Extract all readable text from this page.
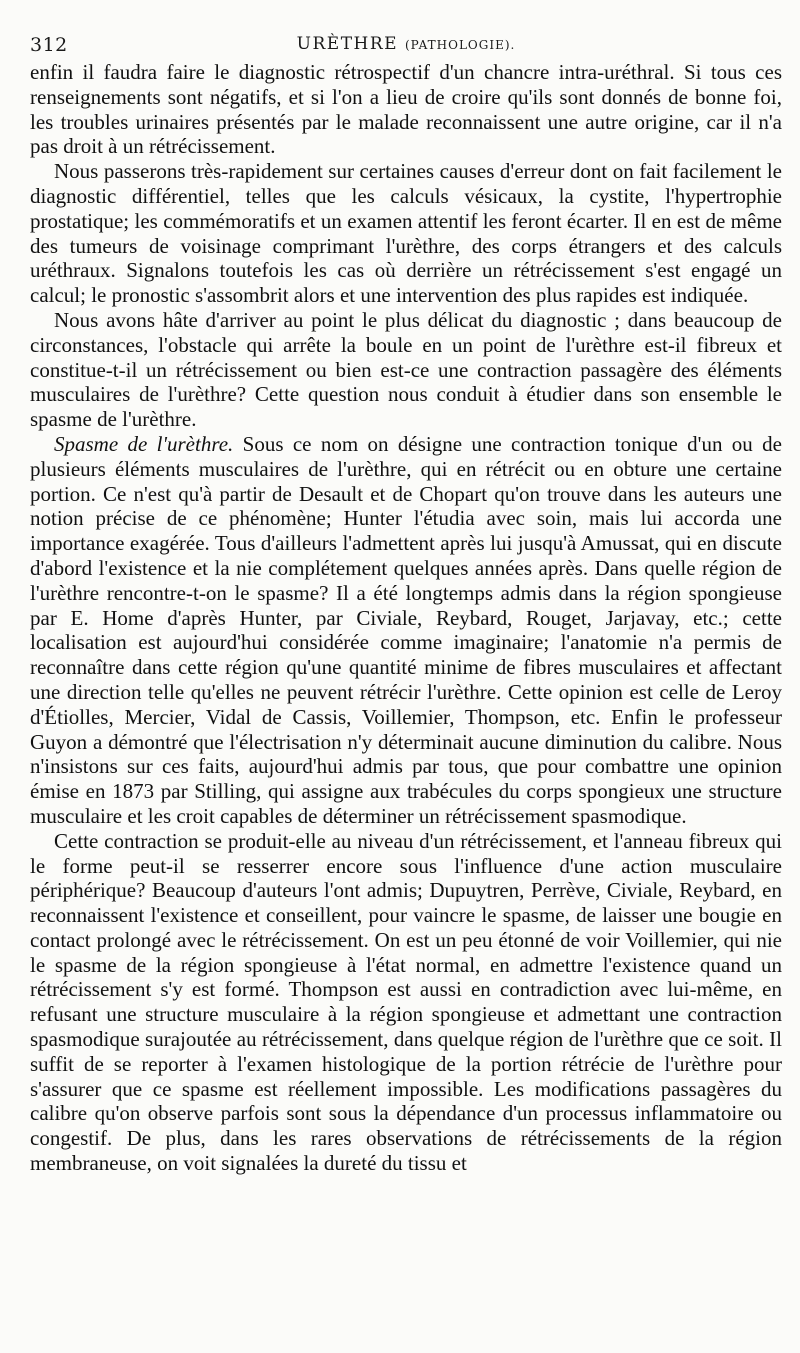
312	URÈTHRE (PATHOLOGIE).

enfin il faudra faire le diagnostic rétrospectif d'un chancre intra-uréthral. Si tous ces renseignements sont négatifs, et si l'on a lieu de croire qu'ils sont donnés de bonne foi, les troubles urinaires présentés par le malade reconnaissent une autre origine, car il n'a pas droit à un rétrécissement.

Nous passerons très-rapidement sur certaines causes d'erreur dont on fait facilement le diagnostic différentiel, telles que les calculs vésicaux, la cystite, l'hypertrophie prostatique; les commémoratifs et un examen attentif les feront écarter. Il en est de même des tumeurs de voisinage comprimant l'urèthre, des corps étrangers et des calculs uréthraux. Signalons toutefois les cas où derrière un rétrécissement s'est engagé un calcul; le pronostic s'assombrit alors et une intervention des plus rapides est indiquée.

Nous avons hâte d'arriver au point le plus délicat du diagnostic ; dans beaucoup de circonstances, l'obstacle qui arrête la boule en un point de l'urèthre est-il fibreux et constitue-t-il un rétrécissement ou bien est-ce une contraction passagère des éléments musculaires de l'urèthre? Cette question nous conduit à étudier dans son ensemble le spasme de l'urèthre.

Spasme de l'urèthre. Sous ce nom on désigne une contraction tonique d'un ou de plusieurs éléments musculaires de l'urèthre, qui en rétrécit ou en obture une certaine portion. Ce n'est qu'à partir de Desault et de Chopart qu'on trouve dans les auteurs une notion précise de ce phénomène; Hunter l'étudia avec soin, mais lui accorda une importance exagérée. Tous d'ailleurs l'admettent après lui jusqu'à Amussat, qui en discute d'abord l'existence et la nie complétement quelques années après. Dans quelle région de l'urèthre rencontre-t-on le spasme? Il a été longtemps admis dans la région spongieuse par E. Home d'après Hunter, par Civiale, Reybard, Rouget, Jarjavay, etc.; cette localisation est aujourd'hui considérée comme imaginaire; l'anatomie n'a permis de reconnaître dans cette région qu'une quantité minime de fibres musculaires et affectant une direction telle qu'elles ne peuvent rétrécir l'urèthre. Cette opinion est celle de Leroy d'Étiolles, Mercier, Vidal de Cassis, Voillemier, Thompson, etc. Enfin le professeur Guyon a démontré que l'électrisation n'y déterminait aucune diminution du calibre. Nous n'insistons sur ces faits, aujourd'hui admis par tous, que pour combattre une opinion émise en 1873 par Stilling, qui assigne aux trabécules du corps spongieux une structure musculaire et les croit capables de déterminer un rétrécissement spasmodique.

Cette contraction se produit-elle au niveau d'un rétrécissement, et l'anneau fibreux qui le forme peut-il se resserrer encore sous l'influence d'une action musculaire périphérique? Beaucoup d'auteurs l'ont admis; Dupuytren, Perrève, Civiale, Reybard, en reconnaissent l'existence et conseillent, pour vaincre le spasme, de laisser une bougie en contact prolongé avec le rétrécissement. On est un peu étonné de voir Voillemier, qui nie le spasme de la région spongieuse à l'état normal, en admettre l'existence quand un rétrécissement s'y est formé. Thompson est aussi en contradiction avec lui-même, en refusant une structure musculaire à la région spongieuse et admettant une contraction spasmodique surajoutée au rétrécissement, dans quelque région de l'urèthre que ce soit. Il suffit de se reporter à l'examen histologique de la portion rétrécie de l'urèthre pour s'assurer que ce spasme est réellement impossible. Les modifications passagères du calibre qu'on observe parfois sont sous la dépendance d'un processus inflammatoire ou congestif. De plus, dans les rares observations de rétrécissements de la région membraneuse, on voit signalées la dureté du tissu et
